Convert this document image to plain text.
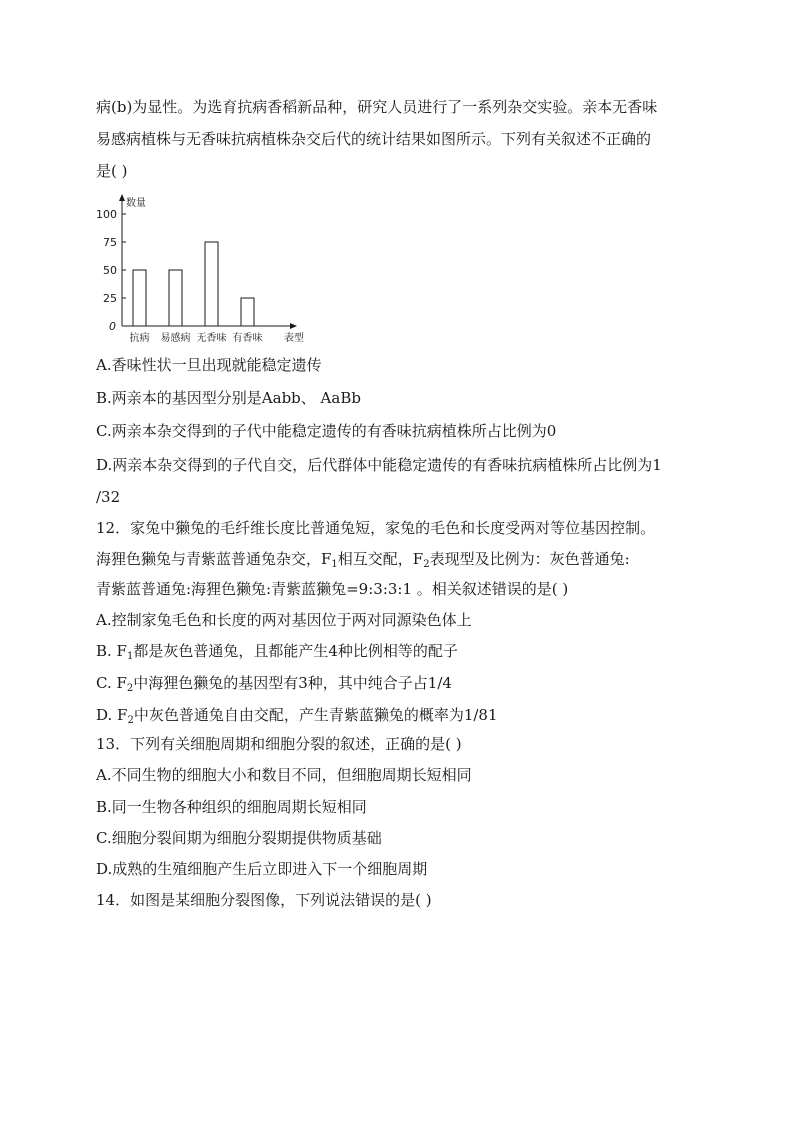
病(b)为显性。为选育抗病香稻新品种，研究人员进行了一系列杂交实验。亲本无香味
易感病植株与无香味抗病植株杂交后代的统计结果如图所示。下列有关叙述不正确的
是( )
100
75
50
25
0
数量
抗病 易感病 无香味 有香味 表型
A.香味性状一旦出现就能稳定遗传
B.两亲本的基因型分别是Aabb、 AaBb
C.两亲本杂交得到的子代中能稳定遗传的有香味抗病植株所占比例为0
D.两亲本杂交得到的子代自交，后代群体中能稳定遗传的有香味抗病植株所占比例为1
/32
12．家兔中獭兔的毛纤维长度比普通兔短，家兔的毛色和长度受两对等位基因控制。
海狸色獭兔与青紫蓝普通兔杂交，$F_1$相互交配，$F_2$表现型及比例为：灰色普通兔:
青紫蓝普通兔:海狸色獭兔:青紫蓝獭兔=9:3:3:1 。相关叙述错误的是( )
A.控制家兔毛色和长度的两对基因位于两对同源染色体上
B. $F_1$都是灰色普通兔，且都能产生4种比例相等的配子
C. $F_2$中海狸色獭兔的基因型有3种，其中纯合子占1/4
D. $F_2$中灰色普通兔自由交配，产生青紫蓝獭兔的概率为1/81
13．下列有关细胞周期和细胞分裂的叙述，正确的是( )
A.不同生物的细胞大小和数目不同，但细胞周期长短相同
B.同一生物各种组织的细胞周期长短相同
C.细胞分裂间期为细胞分裂期提供物质基础
D.成熟的生殖细胞产生后立即进入下一个细胞周期
14．如图是某细胞分裂图像，下列说法错误的是( )
